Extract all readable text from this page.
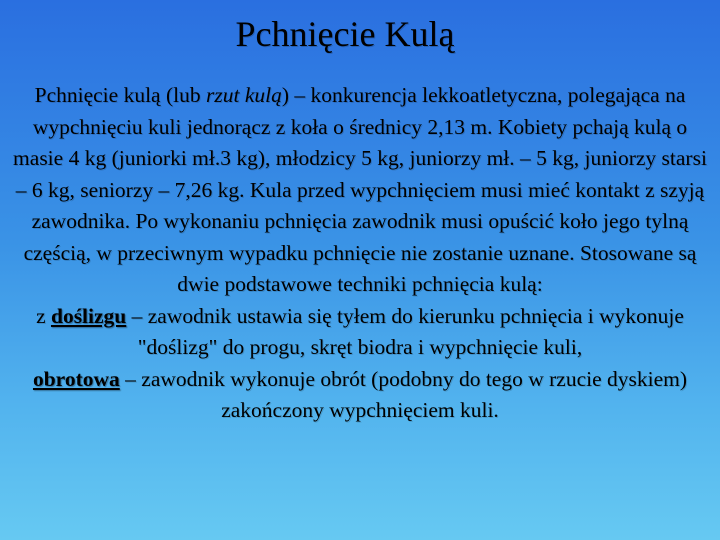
Pchnięcie Kulą

Pchnięcie kulą (lub rzut kulą) – konkurencja lekkoatletyczna, polegająca na wypchnięciu kuli jednorącz z koła o średnicy 2,13 m. Kobiety pchają kulą o masie 4 kg (juniorki mł.3 kg), młodzicy 5 kg, juniorzy mł. – 5 kg, juniorzy starsi – 6 kg, seniorzy – 7,26 kg. Kula przed wypchnięciem musi mieć kontakt z szyją zawodnika. Po wykonaniu pchnięcia zawodnik musi opuścić koło jego tylną częścią, w przeciwnym wypadku pchnięcie nie zostanie uznane. Stosowane są dwie podstawowe techniki pchnięcia kulą:

z doślizgu – zawodnik ustawia się tyłem do kierunku pchnięcia i wykonuje "doślizg" do progu, skręt biodra i wypchnięcie kuli,

obrotowa – zawodnik wykonuje obrót (podobny do tego w rzucie dyskiem) zakończony wypchnięciem kuli.
